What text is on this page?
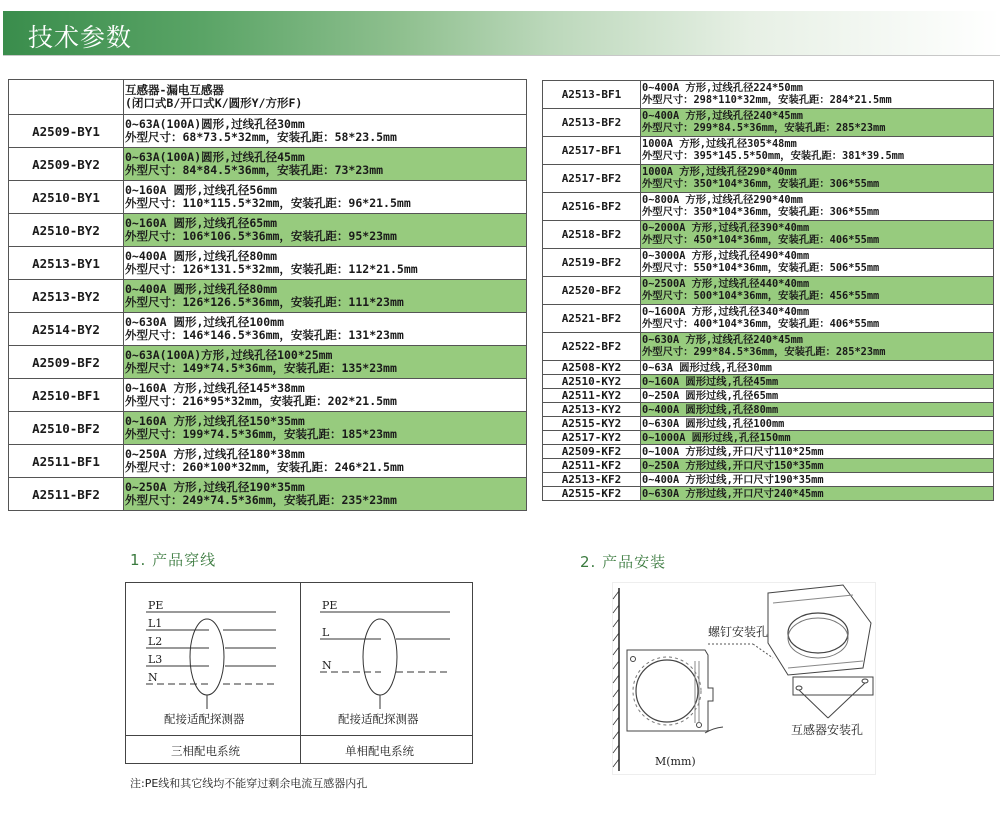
技术参数

	互感器-漏电互感器
(闭口式B/开口式K/圆形Y/方形F)

A2509-BY1	0~63A(100A)圆形,过线孔径30mm
外型尺寸：68*73.5*32mm，安装孔距：58*23.5mm

A2509-BY2	0~63A(100A)圆形,过线孔径45mm
外型尺寸：84*84.5*36mm，安装孔距：73*23mm

A2510-BY1	0~160A 圆形,过线孔径56mm
外型尺寸：110*115.5*32mm，安装孔距：96*21.5mm

A2510-BY2	0~160A 圆形,过线孔径65mm
外型尺寸：106*106.5*36mm，安装孔距：95*23mm

A2513-BY1	0~400A 圆形,过线孔径80mm
外型尺寸：126*131.5*32mm，安装孔距：112*21.5mm

A2513-BY2	0~400A 圆形,过线孔径80mm
外型尺寸：126*126.5*36mm，安装孔距：111*23mm

A2514-BY2	0~630A 圆形,过线孔径100mm
外型尺寸：146*146.5*36mm，安装孔距：131*23mm

A2509-BF2	0~63A(100A)方形,过线孔径100*25mm
外型尺寸：149*74.5*36mm，安装孔距：135*23mm

A2510-BF1	0~160A 方形,过线孔径145*38mm
外型尺寸：216*95*32mm，安装孔距：202*21.5mm

A2510-BF2	0~160A 方形,过线孔径150*35mm
外型尺寸：199*74.5*36mm，安装孔距：185*23mm

A2511-BF1	0~250A 方形,过线孔径180*38mm
外型尺寸：260*100*32mm，安装孔距：246*21.5mm

A2511-BF2	0~250A 方形,过线孔径190*35mm
外型尺寸：249*74.5*36mm，安装孔距：235*23mm
A2513-BF1	0~400A 方形,过线孔径224*50mm
外型尺寸：298*110*32mm，安装孔距：284*21.5mm

A2513-BF2	0~400A 方形,过线孔径240*45mm
外型尺寸：299*84.5*36mm，安装孔距：285*23mm

A2517-BF1	1000A 方形,过线孔径305*48mm
外型尺寸：395*145.5*50mm，安装孔距：381*39.5mm

A2517-BF2	1000A 方形,过线孔径290*40mm
外型尺寸：350*104*36mm，安装孔距：306*55mm

A2516-BF2	0~800A 方形,过线孔径290*40mm
外型尺寸：350*104*36mm，安装孔距：306*55mm

A2518-BF2	0~2000A 方形,过线孔径390*40mm
外型尺寸：450*104*36mm，安装孔距：406*55mm

A2519-BF2	0~3000A 方形,过线孔径490*40mm
外型尺寸：550*104*36mm，安装孔距：506*55mm

A2520-BF2	0~2500A 方形,过线孔径440*40mm
外型尺寸：500*104*36mm，安装孔距：456*55mm

A2521-BF2	0~1600A 方形,过线孔径340*40mm
外型尺寸：400*104*36mm，安装孔距：406*55mm

A2522-BF2	0~630A 方形,过线孔径240*45mm
外型尺寸：299*84.5*36mm，安装孔距：285*23mm

A2508-KY2	0~63A 圆形过线,孔径30mm
A2510-KY2	0~160A 圆形过线,孔径45mm
A2511-KY2	0~250A 圆形过线,孔径65mm
A2513-KY2	0~400A 圆形过线,孔径80mm
A2515-KY2	0~630A 圆形过线,孔径100mm
A2517-KY2	0~1000A 圆形过线,孔径150mm
A2509-KF2	0~100A 方形过线,开口尺寸110*25mm
A2511-KF2	0~250A 方形过线,开口尺寸150*35mm
A2513-KF2	0~400A 方形过线,开口尺寸190*35mm
A2515-KF2	0~630A 方形过线,开口尺寸240*45mm
1. 产品穿线
PE
L1
L2
L3
N
配接适配探测器
三相配电系统
PE
L
N
配接适配探测器
单相配电系统
注:PE线和其它线均不能穿过剩余电流互感器内孔
2. 产品安装
螺钉安装孔
互感器安装孔
M(mm)
